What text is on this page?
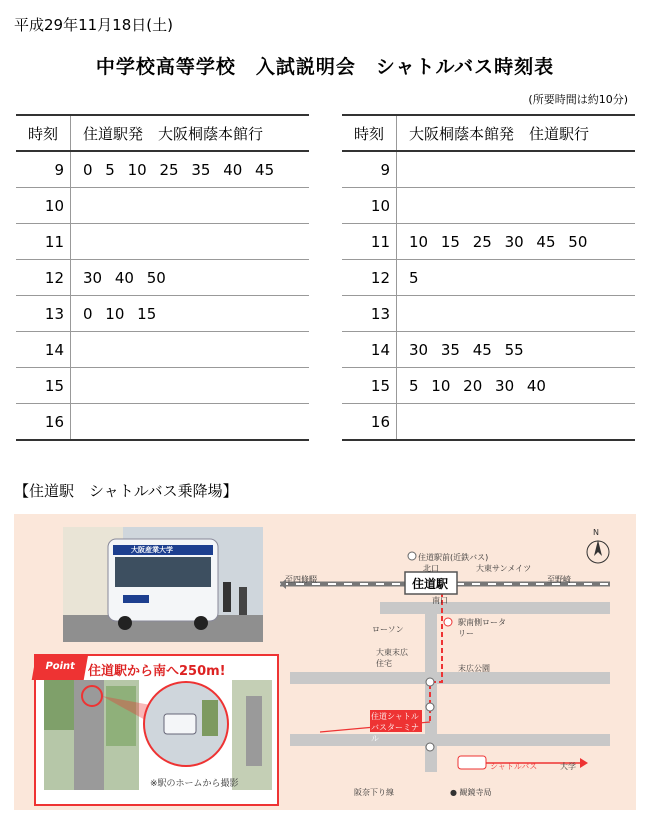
平成29年11月18日(土)
中学校高等学校　入試説明会　シャトルバス時刻表
(所要時間は約10分)
時刻	住道駅発　大阪桐蔭本館行
9	0 5 10 25 35 40 45
10	
11	
12	30 40 50
13	0 10 15
14	
15	
16	
時刻	大阪桐蔭本館発　住道駅行
9	
10	
11	10 15 25 30 45 50
12	5
13	
14	30 35 45 55
15	5 10 20 30 40
16	
【住道駅　シャトルバス乗降場】
大阪産業大学
Point 住道駅から南へ250m!
※駅のホームから撮影
N
住道駅前(近鉄バス)
北口	大東サンメイツ
至四條畷	至野崎
住道駅
南口
ローソン
駅南側ロータリー
大東末広住宅
末広公園
住道シャトルバスターミナル
シャトルバス	大学
阪奈下り線	● 観鏡寺局
